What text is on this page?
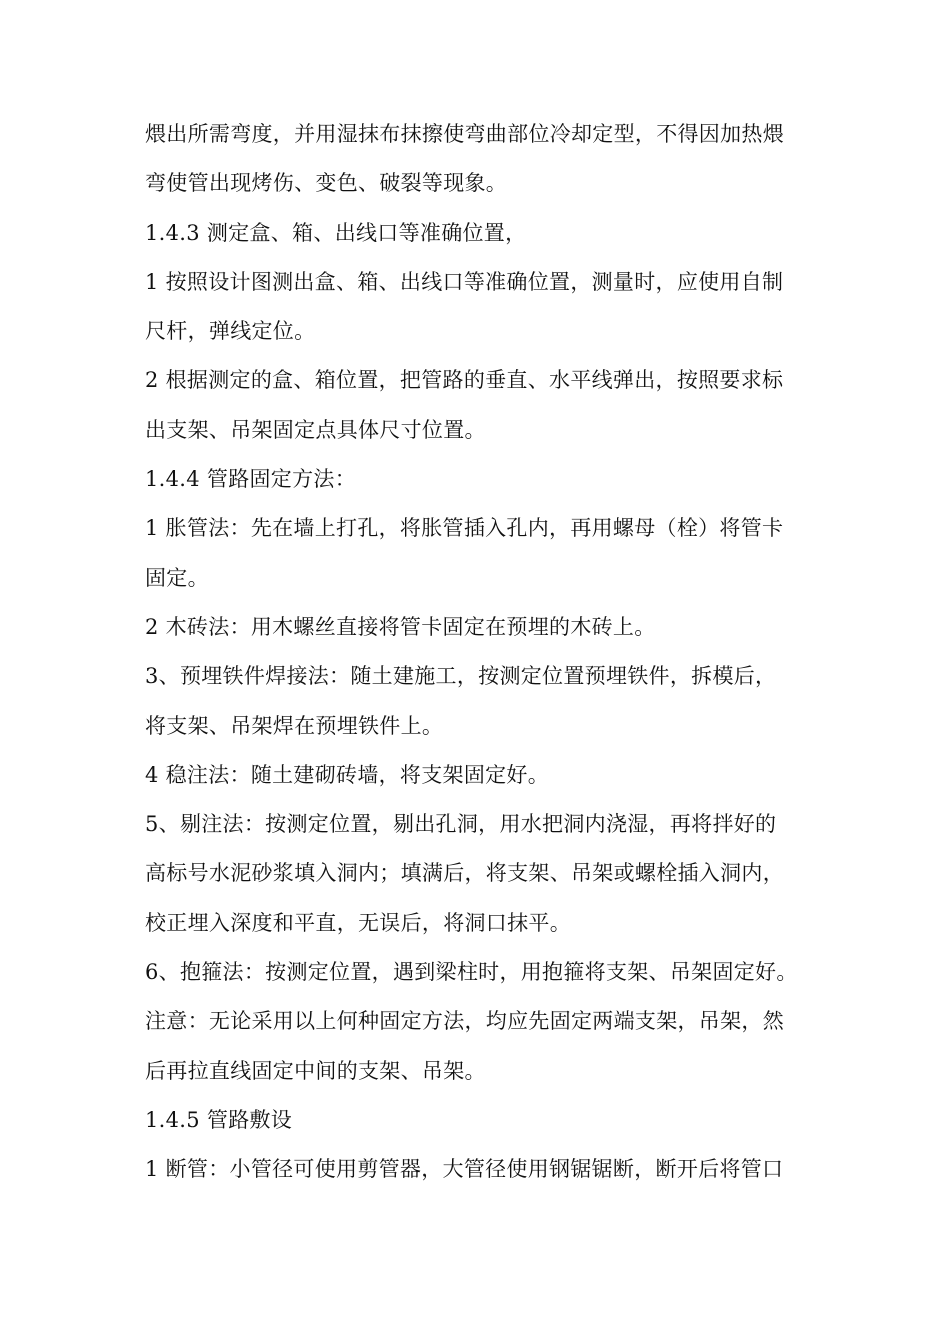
煨出所需弯度，并用湿抹布抹擦使弯曲部位冷却定型，不得因加热煨
弯使管出现烤伤、变色、破裂等现象。
1.4.3 测定盒、箱、出线口等准确位置，
1 按照设计图测出盒、箱、出线口等准确位置，测量时，应使用自制
尺杆，弹线定位。
2 根据测定的盒、箱位置，把管路的垂直、水平线弹出，按照要求标
出支架、吊架固定点具体尺寸位置。
1.4.4 管路固定方法：
1 胀管法：先在墙上打孔，将胀管插入孔内，再用螺母（栓）将管卡
固定。
2 木砖法：用木螺丝直接将管卡固定在预埋的木砖上。
3、预埋铁件焊接法：随土建施工，按测定位置预埋铁件，拆模后，
将支架、吊架焊在预埋铁件上。
4 稳注法：随土建砌砖墙，将支架固定好。
5、剔注法：按测定位置，剔出孔洞，用水把洞内浇湿，再将拌好的
高标号水泥砂浆填入洞内；填满后，将支架、吊架或螺栓插入洞内，
校正埋入深度和平直，无误后，将洞口抹平。
6、抱箍法：按测定位置，遇到梁柱时，用抱箍将支架、吊架固定好。
注意：无论采用以上何种固定方法，均应先固定两端支架，吊架，然
后再拉直线固定中间的支架、吊架。
1.4.5 管路敷设
1 断管：小管径可使用剪管器，大管径使用钢锯锯断，断开后将管口
